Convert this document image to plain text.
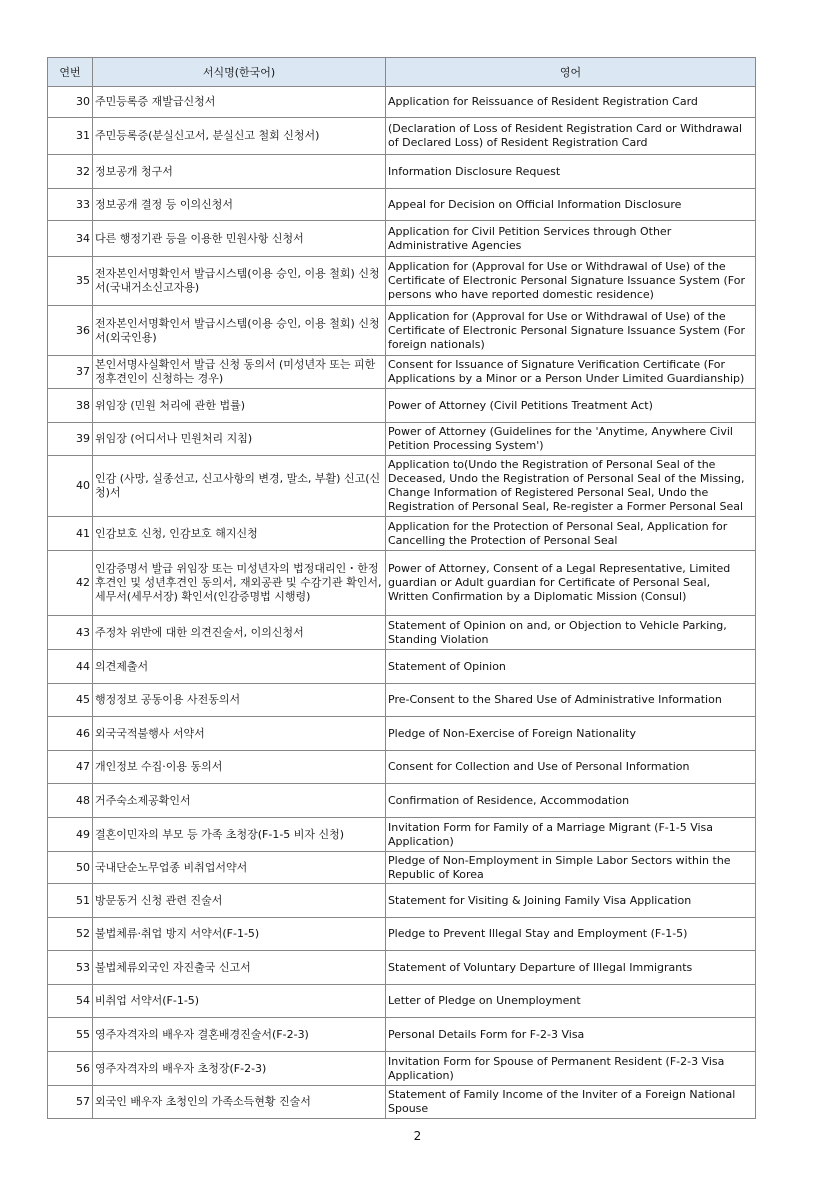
연번	서식명(한국어)	영어
30	주민등록증 재발급신청서	Application for Reissuance of Resident Registration Card
31	주민등록증(분실신고서, 분실신고 철회 신청서)	(Declaration of Loss of Resident Registration Card or Withdrawal of Declared Loss) of Resident Registration Card
32	정보공개 청구서	Information Disclosure Request
33	정보공개 결정 등 이의신청서	Appeal for Decision on Official Information Disclosure
34	다른 행정기관 등을 이용한 민원사항 신청서	Application for Civil Petition Services through Other Administrative Agencies
35	전자본인서명확인서 발급시스템(이용 승인, 이용 철회) 신청서(국내거소신고자용)	Application for (Approval for Use or Withdrawal of Use) of the Certificate of Electronic Personal Signature Issuance System (For persons who have reported domestic residence)
36	전자본인서명확인서 발급시스템(이용 승인, 이용 철회) 신청서(외국인용)	Application for (Approval for Use or Withdrawal of Use) of the Certificate of Electronic Personal Signature Issuance System (For foreign nationals)
37	본인서명사실확인서 발급 신청 동의서 (미성년자 또는 피한정후견인이 신청하는 경우)	Consent for Issuance of Signature Verification Certificate (For Applications by a Minor or a Person Under Limited Guardianship)
38	위임장 (민원 처리에 관한 법률)	Power of Attorney (Civil Petitions Treatment Act)
39	위임장 (어디서나 민원처리 지침)	Power of Attorney (Guidelines for the 'Anytime, Anywhere Civil Petition Processing System')
40	인감 (사망, 실종선고, 신고사항의 변경, 말소, 부활) 신고(신청)서	Application to(Undo the Registration of Personal Seal of the Deceased, Undo the Registration of Personal Seal of the Missing, Change Information of Registered Personal Seal, Undo the Registration of Personal Seal, Re-register a Former Personal Seal
41	인감보호 신청, 인감보호 해지신청	Application for the Protection of Personal Seal, Application for Cancelling the Protection of Personal Seal
42	인감증명서 발급 위임장 또는 미성년자의 법정대리인・한정후견인 및 성년후견인 동의서, 재외공관 및 수감기관 확인서, 세무서(세무서장) 확인서(인감증명법 시행령)	Power of Attorney, Consent of a Legal Representative, Limited guardian or Adult guardian for Certificate of Personal Seal, Written Confirmation by a Diplomatic Mission (Consul)
43	주정차 위반에 대한 의견진술서, 이의신청서	Statement of Opinion on and, or Objection to Vehicle Parking, Standing Violation
44	의견제출서	Statement of Opinion
45	행정정보 공동이용 사전동의서	Pre-Consent to the Shared Use of Administrative Information
46	외국국적불행사 서약서	Pledge of Non-Exercise of Foreign Nationality
47	개인정보 수집·이용 동의서	Consent for Collection and Use of Personal Information
48	거주숙소제공확인서	Confirmation of Residence, Accommodation
49	결혼이민자의 부모 등 가족 초청장(F-1-5 비자 신청)	Invitation Form for Family of a Marriage Migrant (F-1-5 Visa Application)
50	국내단순노무업종 비취업서약서	Pledge of Non-Employment in Simple Labor Sectors within the Republic of Korea
51	방문동거 신청 관련 진술서	Statement for Visiting & Joining Family Visa Application
52	불법체류·취업 방지 서약서(F-1-5)	Pledge to Prevent Illegal Stay and Employment (F-1-5)
53	불법체류외국인 자진출국 신고서	Statement of Voluntary Departure of Illegal Immigrants
54	비취업 서약서(F-1-5)	Letter of Pledge on Unemployment
55	영주자격자의 배우자 결혼배경진술서(F-2-3)	Personal Details Form for F-2-3 Visa
56	영주자격자의 배우자 초청장(F-2-3)	Invitation Form for Spouse of Permanent Resident (F-2-3 Visa Application)
57	외국인 배우자 초청인의 가족소득현황 진술서	Statement of Family Income of the Inviter of a Foreign National Spouse
2
